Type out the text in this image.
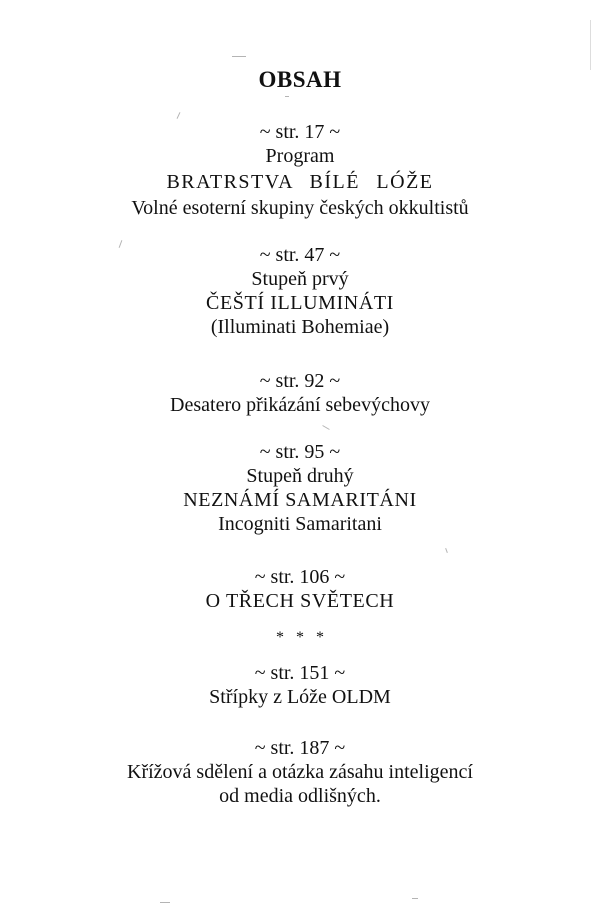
OBSAH
~ str. 17 ~
Program
BRATRSTVA BÍLÉ LÓŽE
Volné esoterní skupiny českých okkultistů
~ str. 47 ~
Stupeň prvý
ČEŠTÍ ILLUMINÁTI
(Illuminati Bohemiae)
~ str. 92 ~
Desatero přikázání sebevýchovy
~ str. 95 ~
Stupeň druhý
NEZNÁMÍ SAMARITÁNI
Incogniti Samaritani
~ str. 106 ~
O TŘECH SVĚTECH
* * *
~ str. 151 ~
Střípky z Lóže OLDM
~ str. 187 ~
Křížová sdělení a otázka zásahu inteligencí
od media odlišných.
